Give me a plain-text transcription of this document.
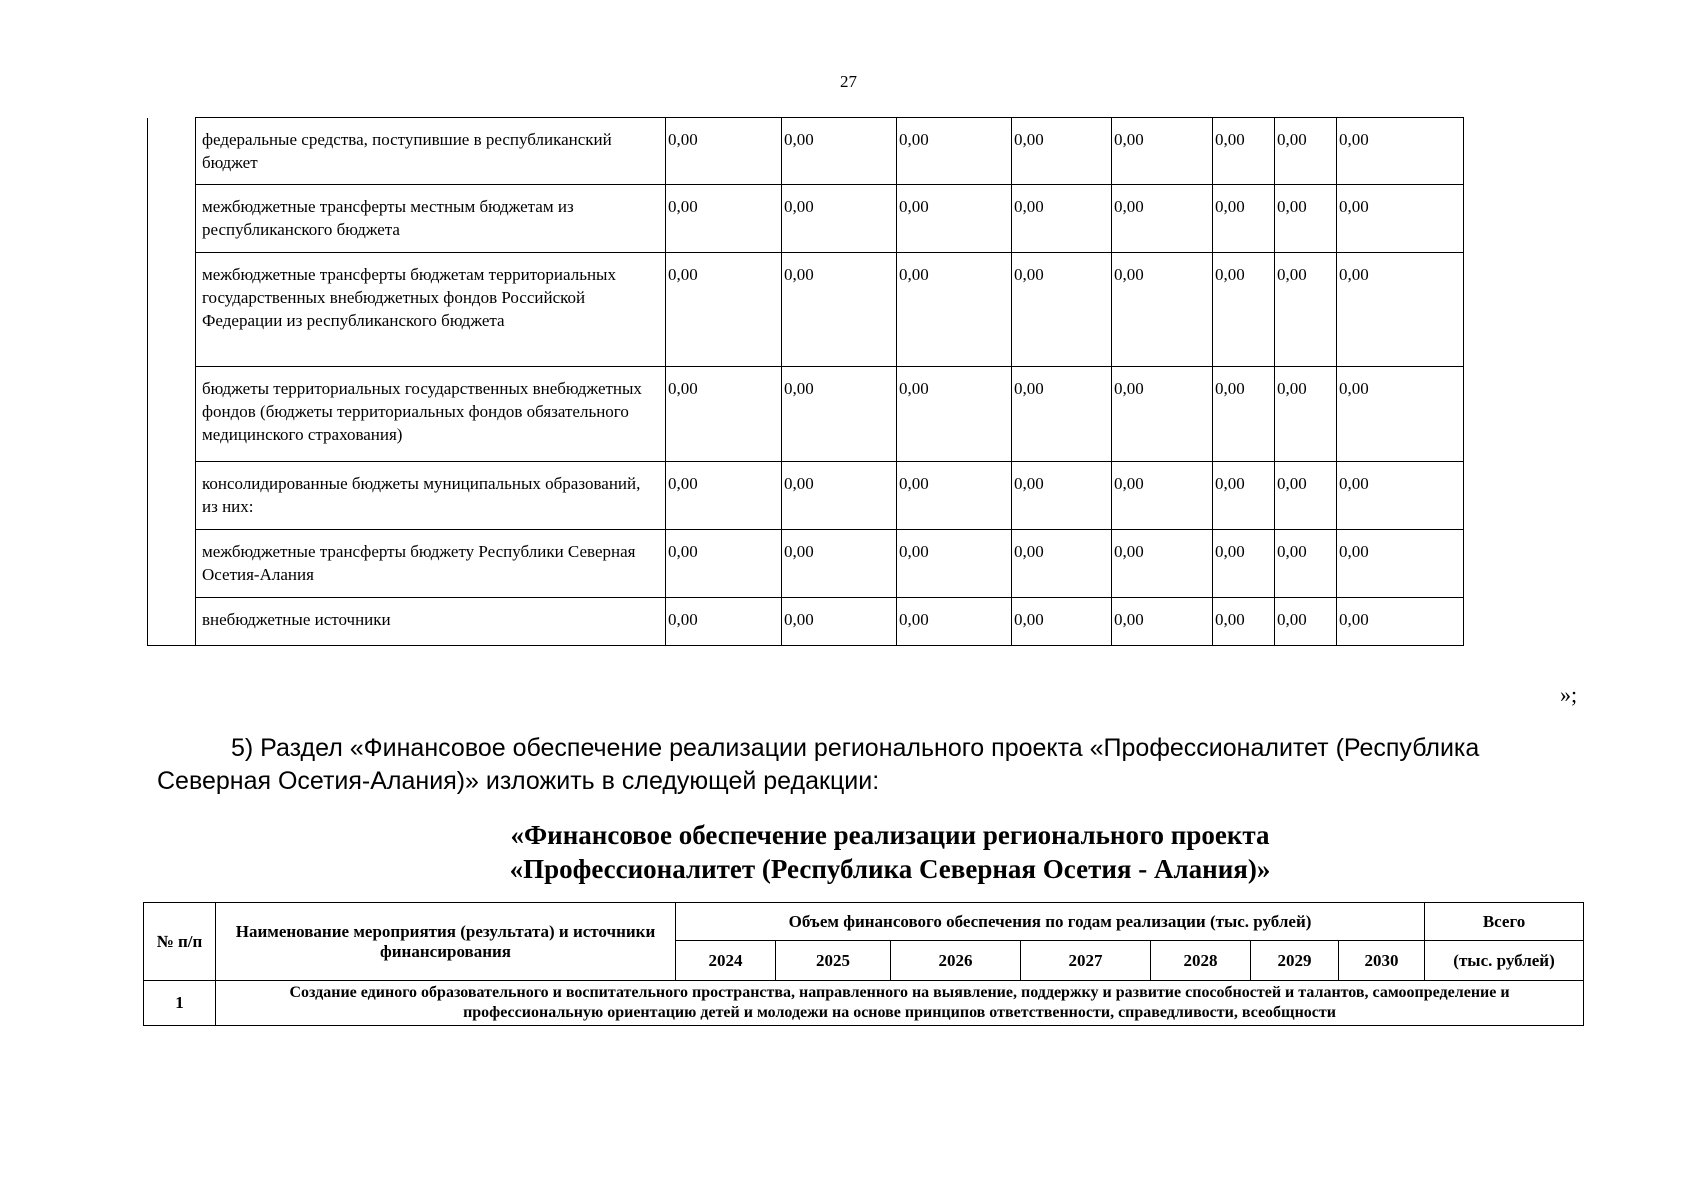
27
	федеральные средства, поступившие в республиканский бюджет	0,00	0,00	0,00	0,00	0,00	0,00	0,00	0,00
	межбюджетные трансферты местным бюджетам из республиканского бюджета	0,00	0,00	0,00	0,00	0,00	0,00	0,00	0,00
	межбюджетные трансферты бюджетам территориальных государственных внебюджетных фондов Российской Федерации из республиканского бюджета	0,00	0,00	0,00	0,00	0,00	0,00	0,00	0,00
	бюджеты территориальных государственных внебюджетных фондов (бюджеты территориальных фондов обязательного медицинского страхования)	0,00	0,00	0,00	0,00	0,00	0,00	0,00	0,00
	консолидированные бюджеты муниципальных образований, из них:	0,00	0,00	0,00	0,00	0,00	0,00	0,00	0,00
	межбюджетные трансферты бюджету Республики Северная Осетия-Алания	0,00	0,00	0,00	0,00	0,00	0,00	0,00	0,00
	внебюджетные источники	0,00	0,00	0,00	0,00	0,00	0,00	0,00	0,00
»;
5) Раздел «Финансовое обеспечение реализации регионального проекта «Профессионалитет (Республика Северная Осетия-Алания)» изложить в следующей редакции:
«Финансовое обеспечение реализации регионального проекта
«Профессионалитет (Республика Северная Осетия - Алания)»
№ п/п	Наименование мероприятия (результата) и источники финансирования	Объем финансового обеспечения по годам реализации (тыс. рублей)							Всего
		2024	2025	2026	2027	2028	2029	2030	(тыс. рублей)
1	Создание единого образовательного и воспитательного пространства, направленного на выявление, поддержку и развитие способностей и талантов, самоопределение и профессиональную ориентацию детей и молодежи на основе принципов ответственности, справедливости, всеобщности								
